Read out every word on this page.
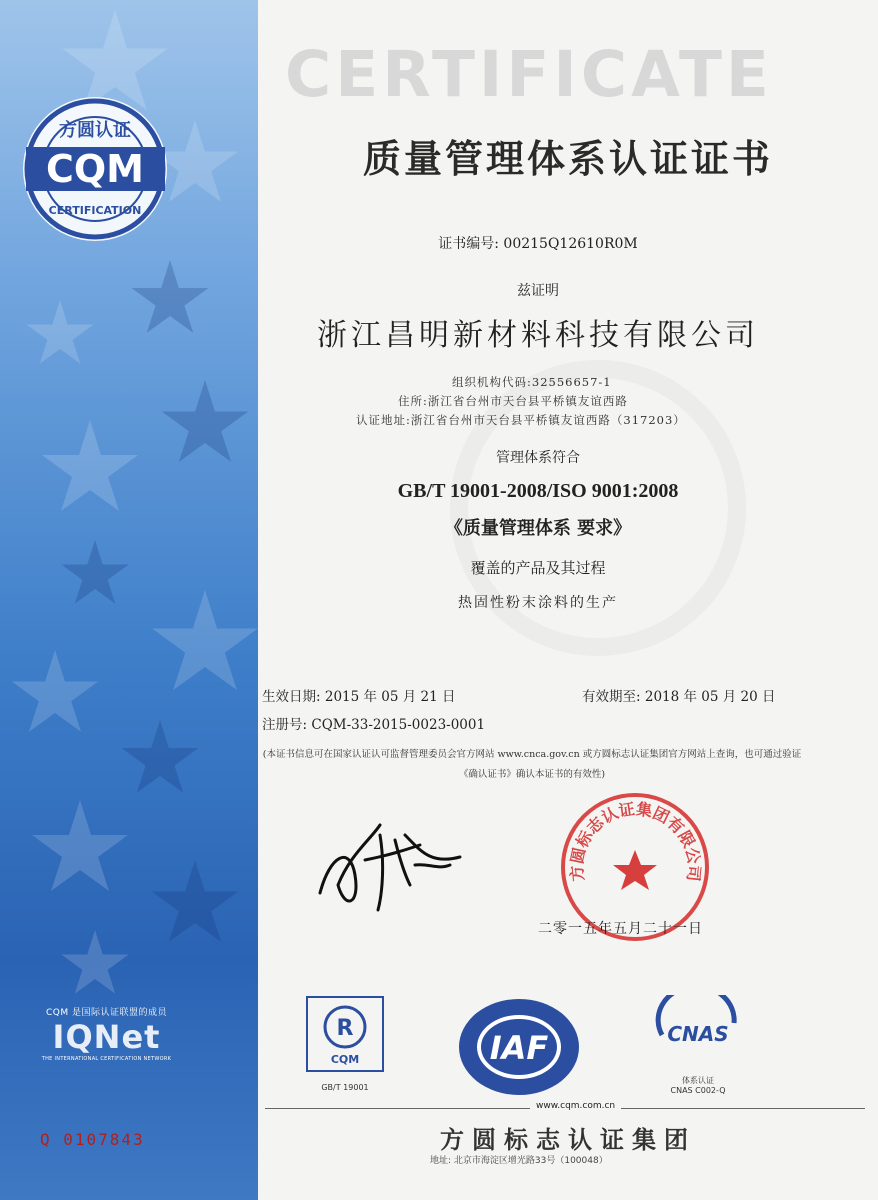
CQM
方圆认证
CERTIFICATION
CQM 是国际认证联盟的成员
IQNet
THE INTERNATIONAL CERTIFICATION NETWORK
Q 0107843
CERTIFICATE
质量管理体系认证证书
证书编号: 00215Q12610R0M
兹证明
浙江昌明新材料科技有限公司
组织机构代码:32556657-1
住所:浙江省台州市天台县平桥镇友谊西路
认证地址:浙江省台州市天台县平桥镇友谊西路（317203）
管理体系符合
GB/T 19001-2008/ISO 9001:2008
《质量管理体系 要求》
覆盖的产品及其过程
热固性粉末涂料的生产
生效日期: 2015 年 05 月 21 日	有效期至: 2018 年 05 月 20 日
注册号: CQM-33-2015-0023-0001
(本证书信息可在国家认证认可监督管理委员会官方网站 www.cnca.gov.cn 或方圆标志认证集团官方网站上查询，也可通过验证
《确认证书》确认本证书的有效性)
方圆标志认证集团有限公司
二零一五年五月二十一日
R
CQM
GB/T 19001
IAF	CNAS
体系认证
CNAS C002-Q
www.cqm.com.cn
方圆标志认证集团
地址: 北京市海淀区增光路33号（100048）
